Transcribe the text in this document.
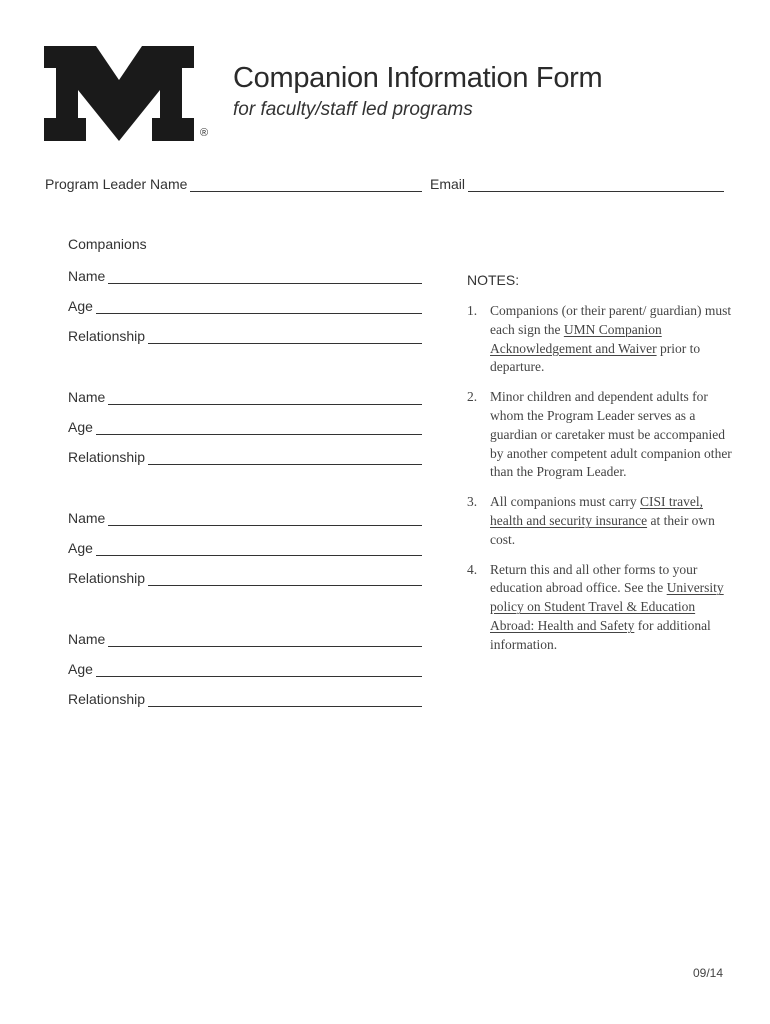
®
Companion Information Form
for faculty/staff led programs
Program Leader Name	Email
Companions
Name
Age
Relationship
Name
Age
Relationship
Name
Age
Relationship
Name
Age
Relationship
NOTES:
1. Companions (or their parent/ guardian) must each sign the UMN Companion Acknowledgement and Waiver prior to departure.
2. Minor children and dependent adults for whom the Program Leader serves as a guardian or caretaker must be accompanied by another competent adult companion other than the Program Leader.
3. All companions must carry CISI travel, health and security insurance at their own cost.
4. Return this and all other forms to your education abroad office. See the University policy on Student Travel & Education Abroad: Health and Safety for additional information.
09/14
